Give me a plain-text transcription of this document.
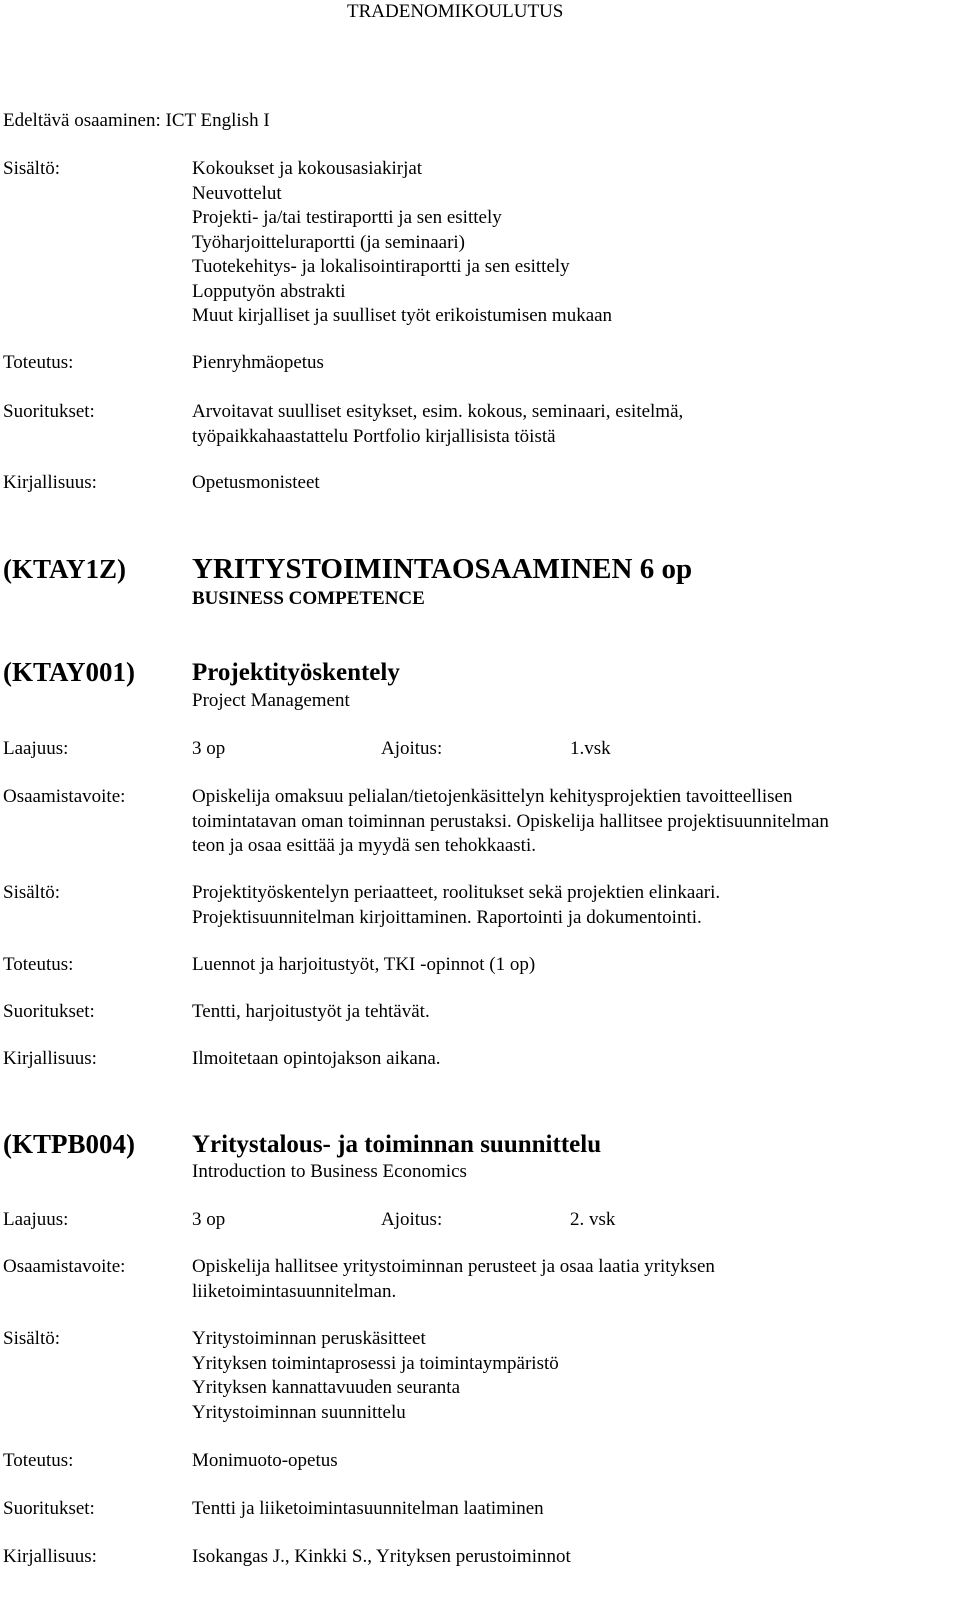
TRADENOMIKOULUTUS
Edeltävä osaaminen: ICT English I
Sisältö:	Kokoukset ja kokousasiakirjat
Neuvottelut
Projekti- ja/tai testiraportti ja sen esittely
Työharjoitteluraportti (ja seminaari)
Tuotekehitys- ja lokalisointiraportti ja sen esittely
Lopputyön abstrakti
Muut kirjalliset ja suulliset työt erikoistumisen mukaan
Toteutus:	Pienryhmäopetus
Suoritukset:	Arvoitavat suulliset esitykset, esim. kokous, seminaari, esitelmä,
työpaikkahaastattelu Portfolio kirjallisista töistä
Kirjallisuus:	Opetusmonisteet
(KTAY1Z) YRITYSTOIMINTAOSAAMINEN 6 op
BUSINESS COMPETENCE
(KTAY001) Projektityöskentely
Project Management
Laajuus:	3 op	Ajoitus:	1.vsk
Osaamistavoite:	Opiskelija omaksuu pelialan/tietojenkäsittelyn kehitysprojektien tavoitteellisen
toimintatavan oman toiminnan perustaksi. Opiskelija hallitsee projektisuunnitelman
teon ja osaa esittää ja myydä sen tehokkaasti.
Sisältö:	Projektityöskentelyn periaatteet, roolitukset sekä projektien elinkaari.
Projektisuunnitelman kirjoittaminen. Raportointi ja dokumentointi.
Toteutus:	Luennot ja harjoitustyöt, TKI -opinnot (1 op)
Suoritukset:	Tentti, harjoitustyöt ja tehtävät.
Kirjallisuus:	Ilmoitetaan opintojakson aikana.
(KTPB004) Yritystalous- ja toiminnan suunnittelu
Introduction to Business Economics
Laajuus:	3 op	Ajoitus:	2. vsk
Osaamistavoite:	Opiskelija hallitsee yritystoiminnan perusteet ja osaa laatia yrityksen
liiketoimintasuunnitelman.
Sisältö:	Yritystoiminnan peruskäsitteet
Yrityksen toimintaprosessi ja toimintaympäristö
Yrityksen kannattavuuden seuranta
Yritystoiminnan suunnittelu
Toteutus:	Monimuoto-opetus
Suoritukset:	Tentti ja liiketoimintasuunnitelman laatiminen
Kirjallisuus:	Isokangas J., Kinkki S., Yrityksen perustoiminnot
